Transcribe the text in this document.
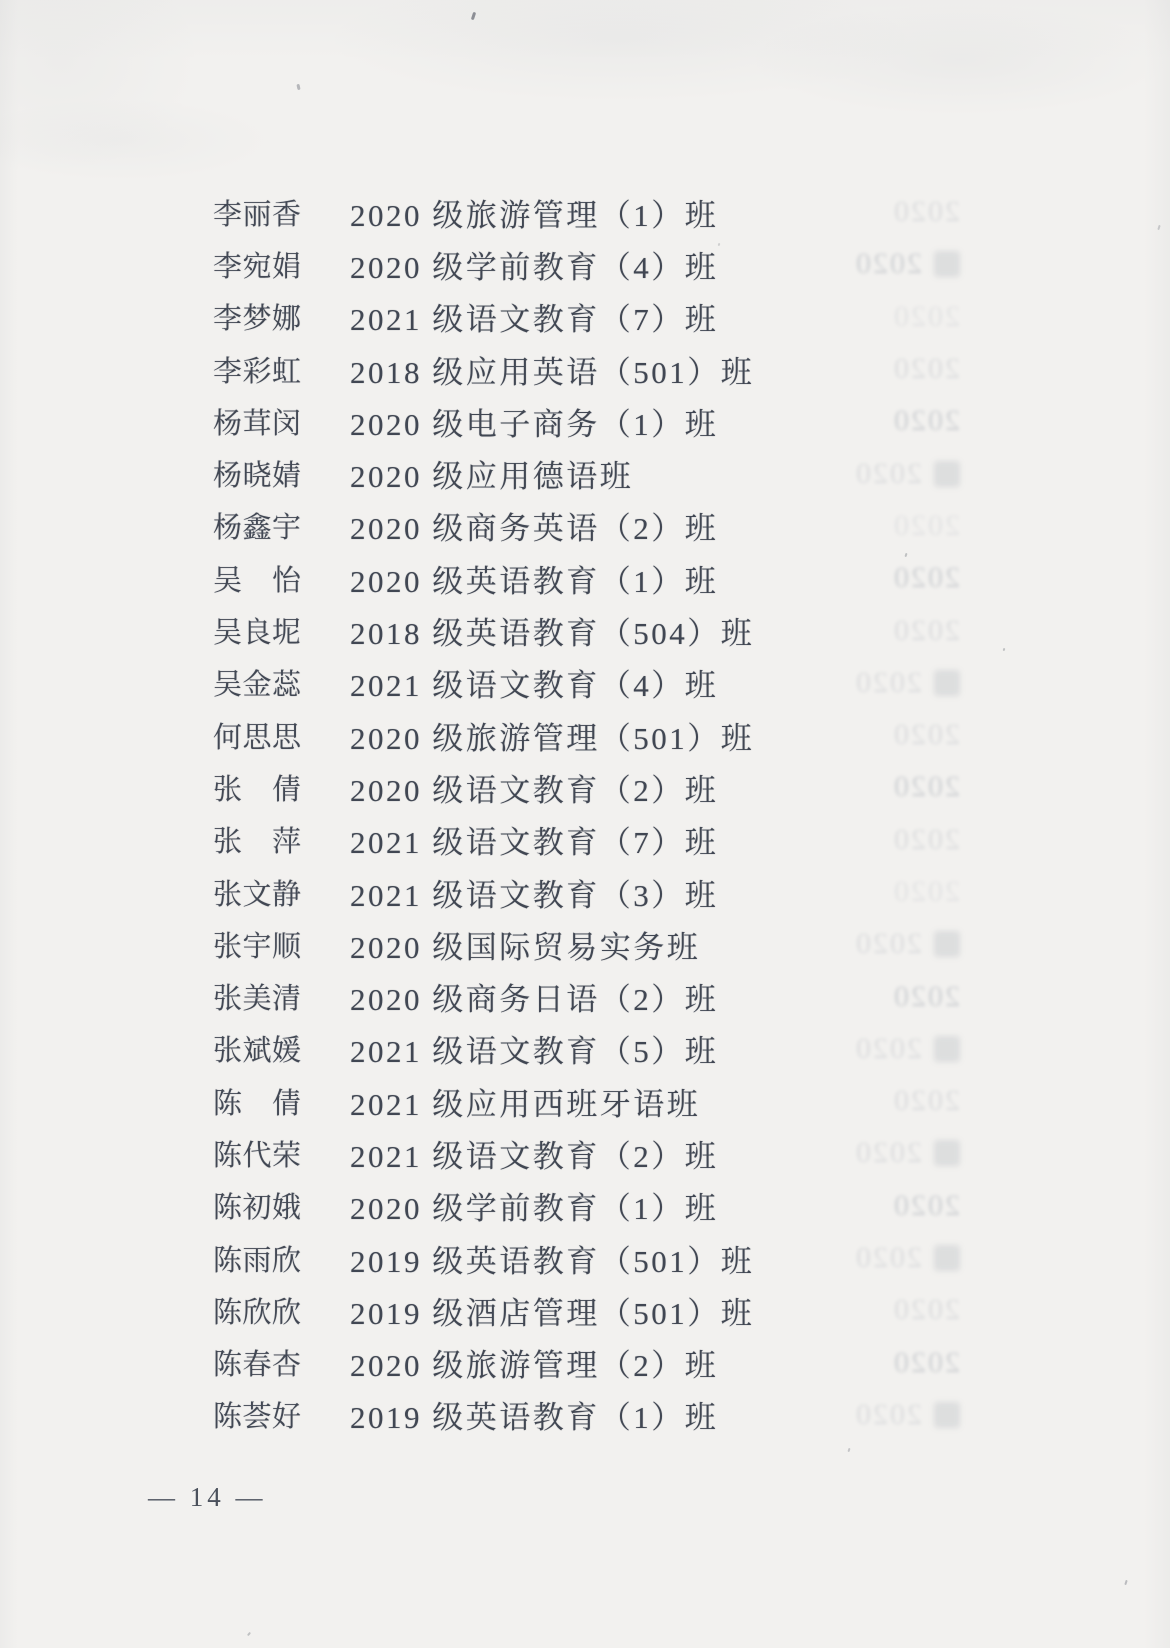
2020
2020
2020
2020
2020
2020
2020
2020
2020
2020
2020
2020
2020
2020
2020
2020
2020
2020
2020
2020
2020
2020
2020
2020
李丽香 2020 级旅游管理（1）班
李宛娟 2020 级学前教育（4）班
李梦娜 2021 级语文教育（7）班
李彩虹 2018 级应用英语（501）班
杨茸闵 2020 级电子商务（1）班
杨晓婧 2020 级应用德语班
杨鑫宇 2020 级商务英语（2）班
吴　怡 2020 级英语教育（1）班
吴良坭 2018 级英语教育（504）班
吴金蕊 2021 级语文教育（4）班
何思思 2020 级旅游管理（501）班
张　倩 2020 级语文教育（2）班
张　萍 2021 级语文教育（7）班
张文静 2021 级语文教育（3）班
张宇顺 2020 级国际贸易实务班
张美清 2020 级商务日语（2）班
张斌媛 2021 级语文教育（5）班
陈　倩 2021 级应用西班牙语班
陈代荣 2021 级语文教育（2）班
陈初娥 2020 级学前教育（1）班
陈雨欣 2019 级英语教育（501）班
陈欣欣 2019 级酒店管理（501）班
陈春杏 2020 级旅游管理（2）班
陈荟好 2019 级英语教育（1）班
— 14 —
